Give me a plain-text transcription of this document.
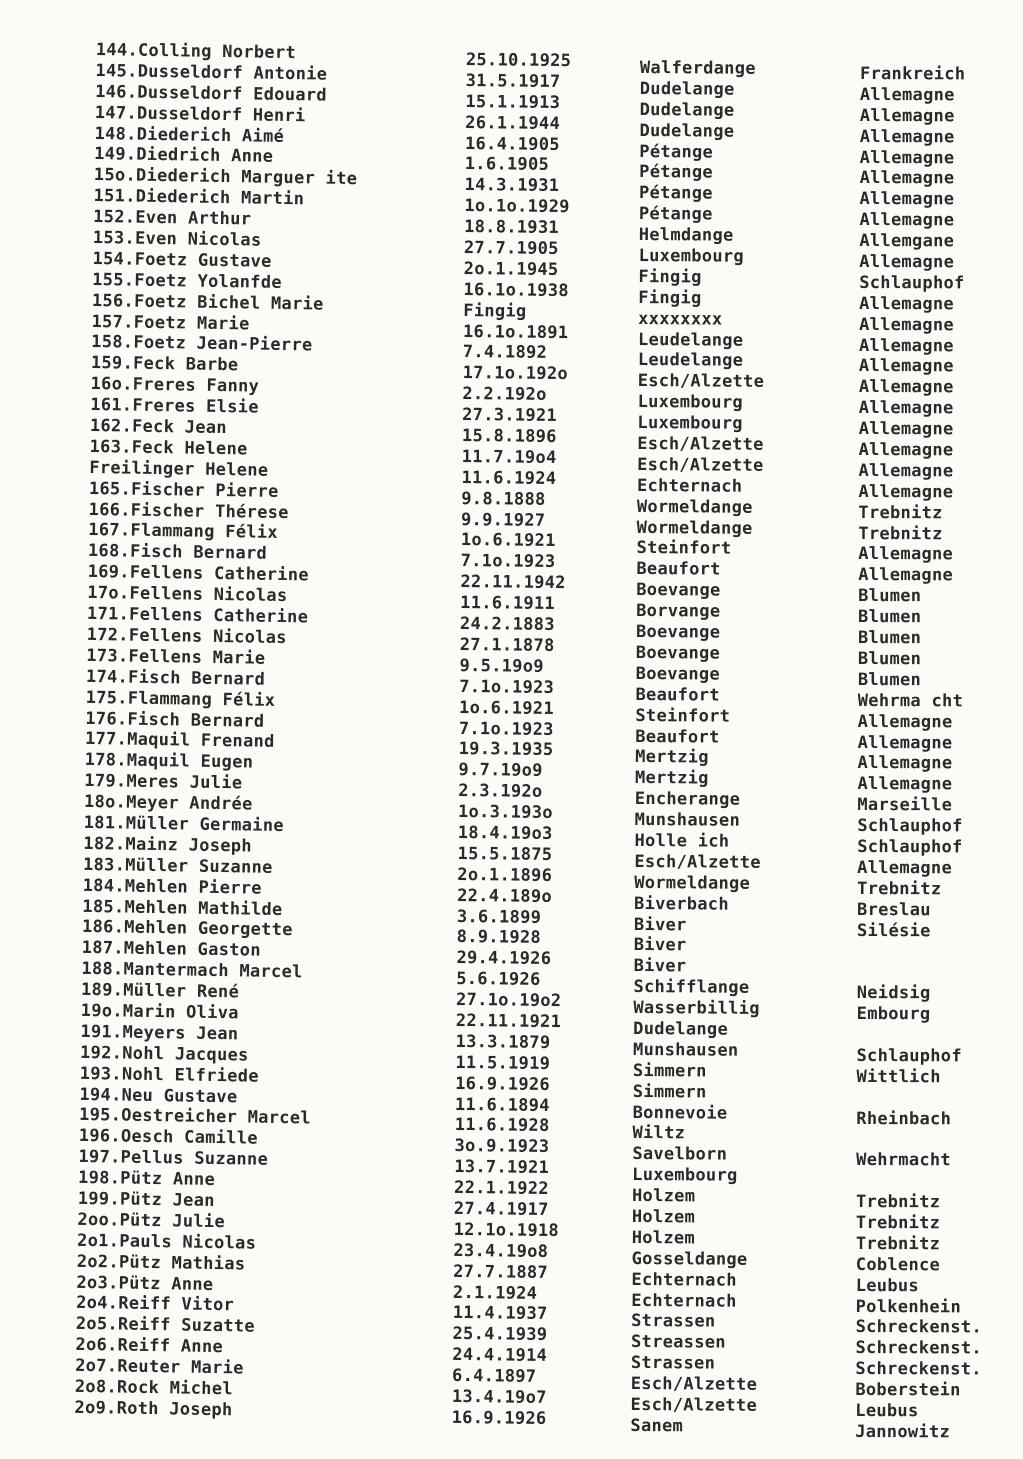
144.Colling Norbert
145.Dusseldorf Antonie
146.Dusseldorf Edouard
147.Dusseldorf Henri
148.Diederich Aimé
149.Diedrich Anne
15o.Diederich Marguer ite
151.Diederich Martin
152.Even Arthur
153.Even Nicolas
154.Foetz Gustave
155.Foetz Yolanfde
156.Foetz Bichel Marie
157.Foetz Marie
158.Foetz Jean-Pierre
159.Feck Barbe
16o.Freres Fanny
161.Freres Elsie
162.Feck Jean
163.Feck Helene
Freilinger Helene
165.Fischer Pierre
166.Fischer Thérese
167.Flammang Félix
168.Fisch Bernard
169.Fellens Catherine
17o.Fellens Nicolas
171.Fellens Catherine
172.Fellens Nicolas
173.Fellens Marie
174.Fisch Bernard
175.Flammang Félix
176.Fisch Bernard
177.Maquil Frenand
178.Maquil Eugen
179.Meres Julie
18o.Meyer Andrée
181.Müller Germaine
182.Mainz Joseph
183.Müller Suzanne
184.Mehlen Pierre
185.Mehlen Mathilde
186.Mehlen Georgette
187.Mehlen Gaston
188.Mantermach Marcel
189.Müller René
19o.Marin Oliva
191.Meyers Jean
192.Nohl Jacques
193.Nohl Elfriede
194.Neu Gustave
195.Oestreicher Marcel
196.Oesch Camille
197.Pellus Suzanne
198.Pütz Anne
199.Pütz Jean
2oo.Pütz Julie
2o1.Pauls Nicolas
2o2.Pütz Mathias
2o3.Pütz Anne
2o4.Reiff Vitor
2o5.Reiff Suzatte
2o6.Reiff Anne
2o7.Reuter Marie
2o8.Rock Michel
2o9.Roth Joseph
25.10.1925
31.5.1917
15.1.1913
26.1.1944
16.4.1905
1.6.1905
14.3.1931
1o.1o.1929
18.8.1931
27.7.1905
2o.1.1945
16.1o.1938
Fingig
16.1o.1891
7.4.1892
17.1o.192o
2.2.192o
27.3.1921
15.8.1896
11.7.19o4
11.6.1924
9.8.1888
9.9.1927
1o.6.1921
7.1o.1923
22.11.1942
11.6.1911
24.2.1883
27.1.1878
9.5.19o9
7.1o.1923
1o.6.1921
7.1o.1923
19.3.1935
9.7.19o9
2.3.192o
1o.3.193o
18.4.19o3
15.5.1875
2o.1.1896
22.4.189o
3.6.1899
8.9.1928
29.4.1926
5.6.1926
27.1o.19o2
22.11.1921
13.3.1879
11.5.1919
16.9.1926
11.6.1894
11.6.1928
3o.9.1923
13.7.1921
22.1.1922
27.4.1917
12.1o.1918
23.4.19o8
27.7.1887
2.1.1924
11.4.1937
25.4.1939
24.4.1914
6.4.1897
13.4.19o7
16.9.1926
Walferdange
Dudelange
Dudelange
Dudelange
Pétange
Pétange
Pétange
Pétange
Helmdange
Luxembourg
Fingig
Fingig
xxxxxxxx
Leudelange
Leudelange
Esch/Alzette
Luxembourg
Luxembourg
Esch/Alzette
Esch/Alzette
Echternach
Wormeldange
Wormeldange
Steinfort
Beaufort
Boevange
Borvange
Boevange
Boevange
Boevange
Beaufort
Steinfort
Beaufort
Mertzig
Mertzig
Encherange
Munshausen
Holle ich
Esch/Alzette
Wormeldange
Biverbach
Biver
Biver
Biver
Schifflange
Wasserbillig
Dudelange
Munshausen
Simmern
Simmern
Bonnevoie
Wiltz
Savelborn
Luxembourg
Holzem
Holzem
Holzem
Gosseldange
Echternach
Echternach
Strassen
Streassen
Strassen
Esch/Alzette
Esch/Alzette
Sanem
Frankreich
Allemagne
Allemagne
Allemagne
Allemagne
Allemagne
Allemagne
Allemagne
Allemgane
Allemagne
Schlauphof
Allemagne
Allemagne
Allemagne
Allemagne
Allemagne
Allemagne
Allemagne
Allemagne
Allemagne
Allemagne
Trebnitz
Trebnitz
Allemagne
Allemagne
Blumen
Blumen
Blumen
Blumen
Blumen
Wehrma cht
Allemagne
Allemagne
Allemagne
Allemagne
Marseille
Schlauphof
Schlauphof
Allemagne
Trebnitz
Breslau
Silésie
Neidsig
Embourg
Schlauphof
Wittlich
Rheinbach
Wehrmacht
Trebnitz
Trebnitz
Trebnitz
Coblence
Leubus
Polkenhein
Schreckenst.
Schreckenst.
Schreckenst.
Boberstein
Leubus
Jannowitz
